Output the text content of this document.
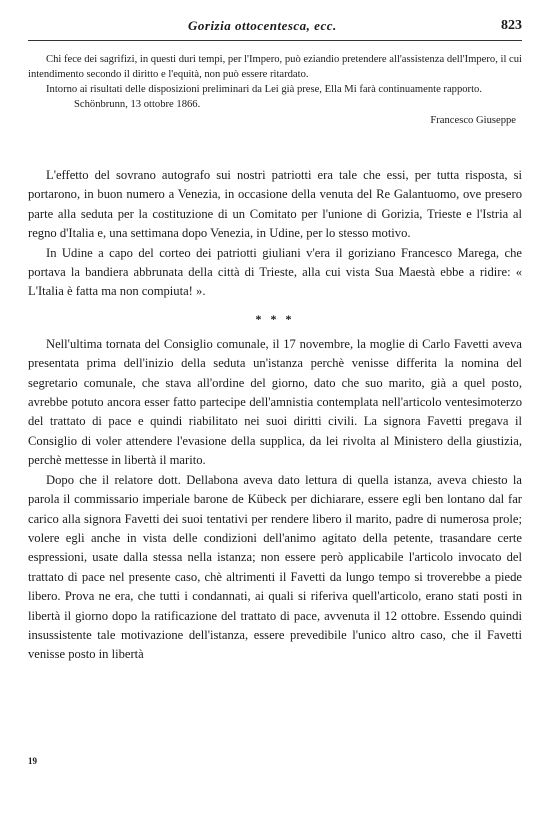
Gorizia ottocentesca, ecc.	823

Chi fece dei sagrifizi, in questi duri tempi, per l'Impero, può eziandio pretendere all'assistenza dell'Impero, il cui intendimento secondo il diritto e l'equità, non può essere ritardato.

Intorno ai risultati delle disposizioni preliminari da Lei già prese, Ella Mi farà continuamente rapporto.

Schönbrunn, 13 ottobre 1866.

Francesco Giuseppe

L'effetto del sovrano autografo sui nostri patriotti era tale che essi, per tutta risposta, si portarono, in buon numero a Venezia, in occasione della venuta del Re Galantuomo, ove presero parte alla seduta per la costituzione di un Comitato per l'unione di Gorizia, Trieste e l'Istria al regno d'Italia e, una settimana dopo Venezia, in Udine, per lo stesso motivo.

In Udine a capo del corteo dei patriotti giuliani v'era il goriziano Francesco Marega, che portava la bandiera abbrunata della città di Trieste, alla cui vista Sua Maestà ebbe a ridire: « L'Italia è fatta ma non compiuta! ».

* * *

Nell'ultima tornata del Consiglio comunale, il 17 novembre, la moglie di Carlo Favetti aveva presentata prima dell'inizio della seduta un'istanza perchè venisse differita la nomina del segretario comunale, che stava all'ordine del giorno, dato che suo marito, già a quel posto, avrebbe potuto ancora esser fatto partecipe dell'amnistia contemplata nell'articolo ventesimoterzo del trattato di pace e quindi riabilitato nei suoi diritti civili. La signora Favetti pregava il Consiglio di voler attendere l'evasione della supplica, da lei rivolta al Ministero della giustizia, perchè mettesse in libertà il marito.

Dopo che il relatore dott. Dellabona aveva dato lettura di quella istanza, aveva chiesto la parola il commissario imperiale barone de Kübeck per dichiarare, essere egli ben lontano dal far carico alla signora Favetti dei suoi tentativi per rendere libero il marito, padre di numerosa prole; volere egli anche in vista delle condizioni dell'animo agitato della petente, trasandare certe espressioni, usate dalla stessa nella istanza; non essere però applicabile l'articolo invocato del trattato di pace nel presente caso, chè altrimenti il Favetti da lungo tempo si troverebbe a piede libero. Prova ne era, che tutti i condannati, ai quali si riferiva quell'articolo, erano stati posti in libertà il giorno dopo la ratificazione del trattato di pace, avvenuta il 12 ottobre. Essendo quindi insussistente tale motivazione dell'istanza, essere prevedibile l'unico altro caso, che il Favetti venisse posto in libertà

19
